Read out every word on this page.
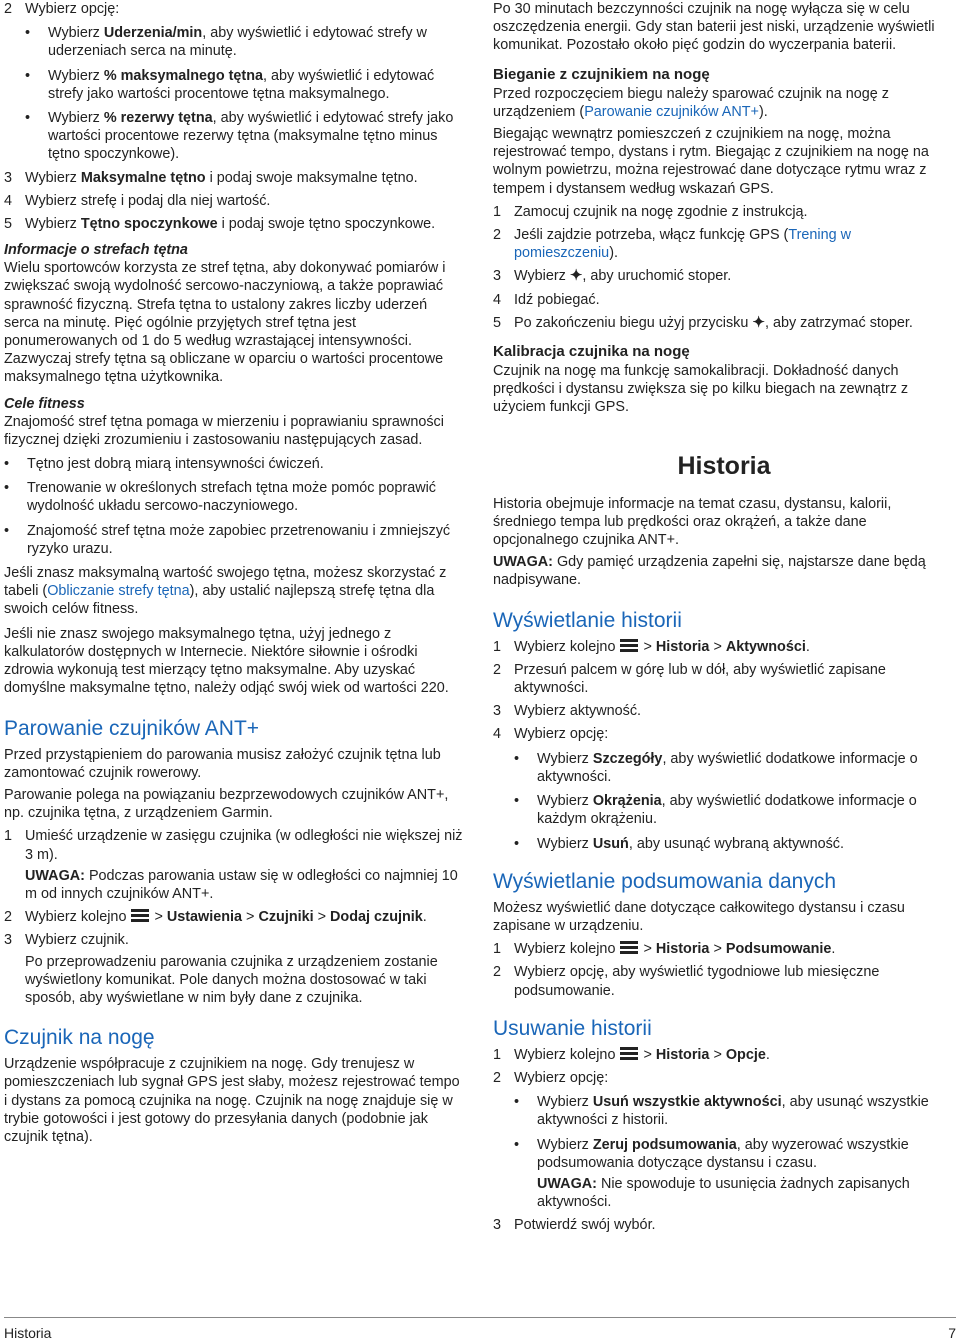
2 Wybierz opcję:
• Wybierz Uderzenia/min, aby wyświetlić i edytować strefy w uderzeniach serca na minutę.
• Wybierz % maksymalnego tętna, aby wyświetlić i edytować strefy jako wartości procentowe tętna maksymalnego.
• Wybierz % rezerwy tętna, aby wyświetlić i edytować strefy jako wartości procentowe rezerwy tętna (maksymalne tętno minus tętno spoczynkowe).
3 Wybierz Maksymalne tętno i podaj swoje maksymalne tętno.
4 Wybierz strefę i podaj dla niej wartość.
5 Wybierz Tętno spoczynkowe i podaj swoje tętno spoczynkowe.
Informacje o strefach tętna

Wielu sportowców korzysta ze stref tętna, aby dokonywać pomiarów i zwiększać swoją wydolność sercowo-naczyniową, a także poprawiać sprawność fizyczną. Strefa tętna to ustalony zakres liczby uderzeń serca na minutę. Pięć ogólnie przyjętych stref tętna jest ponumerowanych od 1 do 5 według wzrastającej intensywności. Zazwyczaj strefy tętna są obliczane w oparciu o wartości procentowe maksymalnego tętna użytkownika.

Cele fitness

Znajomość stref tętna pomaga w mierzeniu i poprawianiu sprawności fizycznej dzięki zrozumieniu i zastosowaniu następujących zasad.

• Tętno jest dobrą miarą intensywności ćwiczeń.
• Trenowanie w określonych strefach tętna może pomóc poprawić wydolność układu sercowo-naczyniowego.
• Znajomość stref tętna może zapobiec przetrenowaniu i zmniejszyć ryzyko urazu.

Jeśli znasz maksymalną wartość swojego tętna, możesz skorzystać z tabeli (Obliczanie strefy tętna), aby ustalić najlepszą strefę tętna dla swoich celów fitness.

Jeśli nie znasz swojego maksymalnego tętna, użyj jednego z kalkulatorów dostępnych w Internecie. Niektóre siłownie i ośrodki zdrowia wykonują test mierzący tętno maksymalne. Aby uzyskać domyślne maksymalne tętno, należy odjąć swój wiek od wartości 220.

Parowanie czujników ANT+

Przed przystąpieniem do parowania musisz założyć czujnik tętna lub zamontować czujnik rowerowy.

Parowanie polega na powiązaniu bezprzewodowych czujników ANT+, np. czujnika tętna, z urządzeniem Garmin.

1 Umieść urządzenie w zasięgu czujnika (w odległości nie większej niż 3 m).

UWAGA: Podczas parowania ustaw się w odległości co najmniej 10 m od innych czujników ANT+.

2 Wybierz kolejno  > Ustawienia > Czujniki > Dodaj czujnik.
3 Wybierz czujnik.

Po przeprowadzeniu parowania czujnika z urządzeniem zostanie wyświetlony komunikat. Pole danych można dostosować w taki sposób, aby wyświetlane w nim były dane z czujnika.

Czujnik na nogę

Urządzenie współpracuje z czujnikiem na nogę. Gdy trenujesz w pomieszczeniach lub sygnał GPS jest słaby, możesz rejestrować tempo i dystans za pomocą czujnika na nogę. Czujnik na nogę znajduje się w trybie gotowości i jest gotowy do przesyłania danych (podobnie jak czujnik tętna).

Po 30 minutach bezczynności czujnik na nogę wyłącza się w celu oszczędzenia energii. Gdy stan baterii jest niski, urządzenie wyświetli komunikat. Pozostało około pięć godzin do wyczerpania baterii.

Bieganie z czujnikiem na nogę

Przed rozpoczęciem biegu należy sparować czujnik na nogę z urządzeniem (Parowanie czujników ANT+).

Biegając wewnątrz pomieszczeń z czujnikiem na nogę, można rejestrować tempo, dystans i rytm. Biegając z czujnikiem na nogę na wolnym powietrzu, można rejestrować dane dotyczące rytmu wraz z tempem i dystansem według wskazań GPS.

1 Zamocuj czujnik na nogę zgodnie z instrukcją.
2 Jeśli zajdzie potrzeba, włącz funkcję GPS (Trening w pomieszczeniu).
3 Wybierz ✦, aby uruchomić stoper.
4 Idź pobiegać.
5 Po zakończeniu biegu użyj przycisku ✦, aby zatrzymać stoper.
Kalibracja czujnika na nogę

Czujnik na nogę ma funkcję samokalibracji. Dokładność danych prędkości i dystansu zwiększa się po kilku biegach na zewnątrz z użyciem funkcji GPS.

Historia

Historia obejmuje informacje na temat czasu, dystansu, kalorii, średniego tempa lub prędkości oraz okrążeń, a także dane opcjonalnego czujnika ANT+.

UWAGA: Gdy pamięć urządzenia zapełni się, najstarsze dane będą nadpisywane.

Wyświetlanie historii
1 Wybierz kolejno  > Historia > Aktywności.
2 Przesuń palcem w górę lub w dół, aby wyświetlić zapisane aktywności.
3 Wybierz aktywność.
4 Wybierz opcję:
• Wybierz Szczegóły, aby wyświetlić dodatkowe informacje o aktywności.
• Wybierz Okrążenia, aby wyświetlić dodatkowe informacje o każdym okrążeniu.
• Wybierz Usuń, aby usunąć wybraną aktywność.
Wyświetlanie podsumowania danych

Możesz wyświetlić dane dotyczące całkowitego dystansu i czasu zapisane w urządzeniu.

1 Wybierz kolejno  > Historia > Podsumowanie.
2 Wybierz opcję, aby wyświetlić tygodniowe lub miesięczne podsumowanie.
Usuwanie historii
1 Wybierz kolejno  > Historia > Opcje.
2 Wybierz opcję:
• Wybierz Usuń wszystkie aktywności, aby usunąć wszystkie aktywności z historii.
• Wybierz Zeruj podsumowania, aby wyzerować wszystkie podsumowania dotyczące dystansu i czasu.

UWAGA: Nie spowoduje to usunięcia żadnych zapisanych aktywności.

3 Potwierdź swój wybór.
Historia	7
